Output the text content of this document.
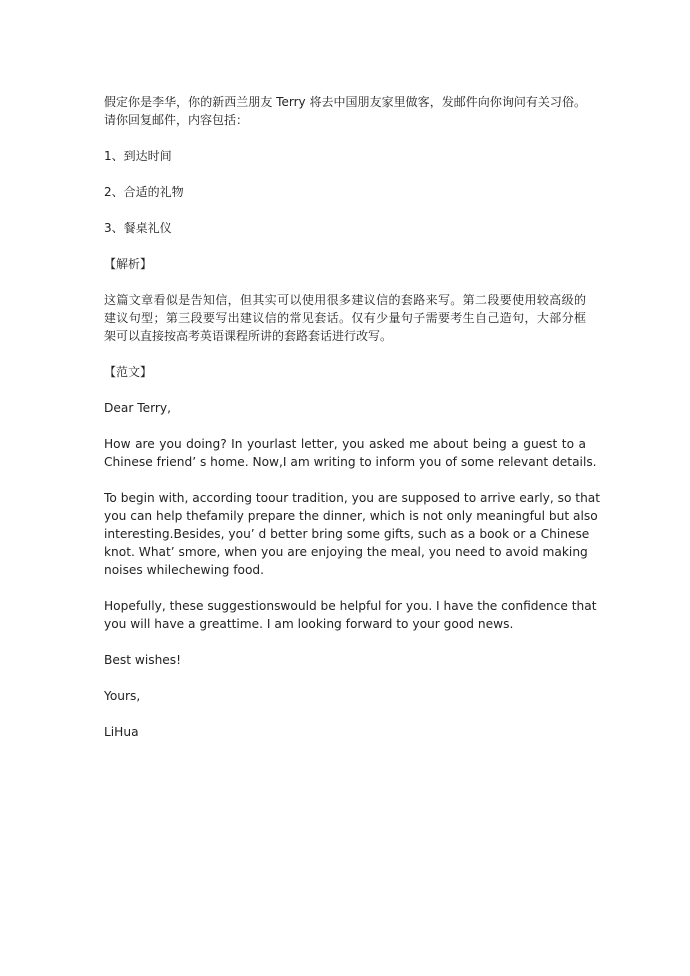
假定你是李华，你的新西兰朋友 Terry 将去中国朋友家里做客，发邮件向你询问有关习俗。
请你回复邮件，内容包括：
1、到达时间
2、合适的礼物
3、餐桌礼仪
【解析】
这篇文章看似是告知信，但其实可以使用很多建议信的套路来写。第二段要使用较高级的
建议句型；第三段要写出建议信的常见套话。仅有少量句子需要考生自己造句，大部分框
架可以直接按高考英语课程所讲的套路套话进行改写。
【范文】
Dear Terry,
How are you doing? In yourlast letter, you asked me about being a guest to a
Chinese friend’ s home. Now,I am writing to inform you of some relevant details.
To begin with, according toour tradition, you are supposed to arrive early, so that
you can help thefamily prepare the dinner, which is not only meaningful but also
interesting.Besides, you’ d better bring some gifts, such as a book or a Chinese
knot. What’ smore, when you are enjoying the meal, you need to avoid making
noises whilechewing food.
Hopefully, these suggestionswould be helpful for you. I have the confidence that
you will have a greattime. I am looking forward to your good news.
Best wishes!
Yours,
LiHua
